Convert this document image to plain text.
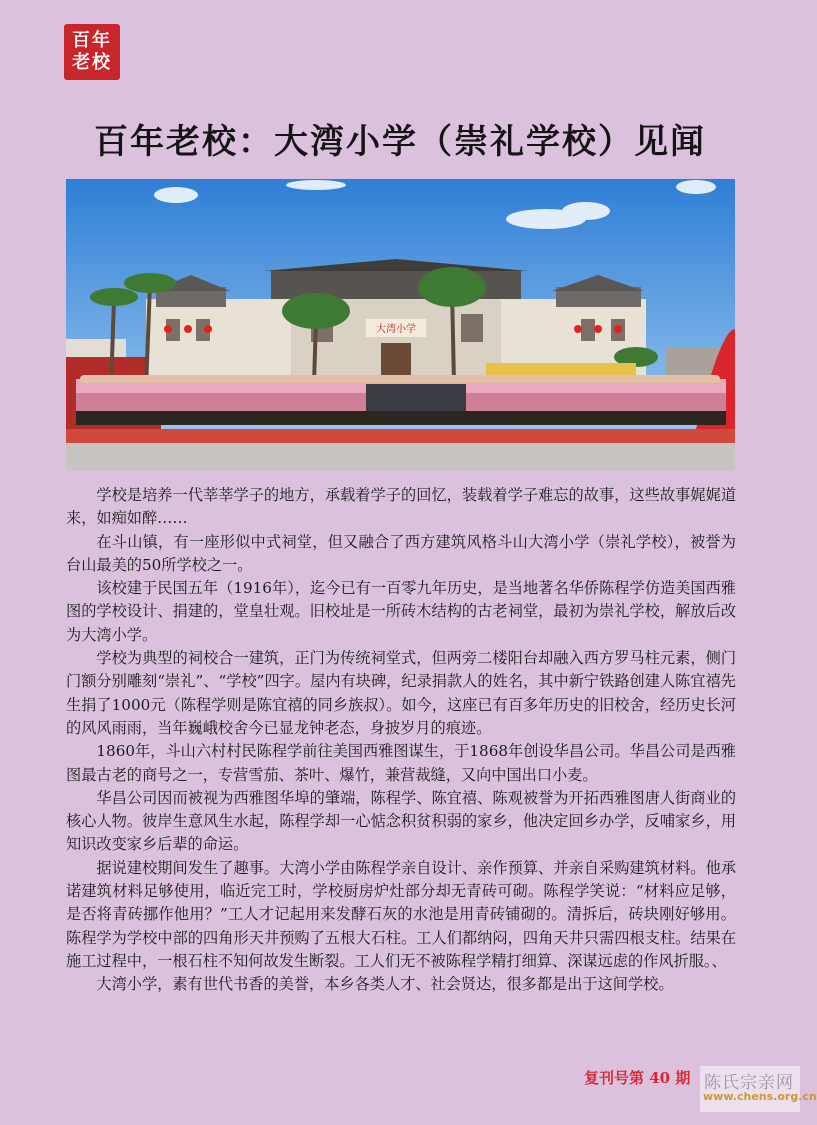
百年
老校
百年老校：大湾小学（崇礼学校）见闻
大湾小学

学校是培养一代莘莘学子的地方，承载着学子的回忆，装载着学子难忘的故事，这些故事娓娓道来，如痴如醉……

在斗山镇，有一座形似中式祠堂，但又融合了西方建筑风格斗山大湾小学（崇礼学校），被誉为台山最美的50所学校之一。

该校建于民国五年（1916年），迄今已有一百零九年历史，是当地著名华侨陈程学仿造美国西雅图的学校设计、捐建的，堂皇壮观。旧校址是一所砖木结构的古老祠堂，最初为崇礼学校，解放后改为大湾小学。

学校为典型的祠校合一建筑，正门为传统祠堂式，但两旁二楼阳台却融入西方罗马柱元素，侧门门额分别雕刻“崇礼”、“学校”四字。屋内有块碑，纪录捐款人的姓名，其中新宁铁路创建人陈宜禧先生捐了1000元（陈程学则是陈宜禧的同乡族叔）。如今，这座已有百多年历史的旧校舍，经历史长河的风风雨雨，当年巍峨校舍今已显龙钟老态，身披岁月的痕迹。

1860年，斗山六村村民陈程学前往美国西雅图谋生，于1868年创设华昌公司。华昌公司是西雅图最古老的商号之一，专营雪茄、茶叶、爆竹，兼营裁缝，又向中国出口小麦。

华昌公司因而被视为西雅图华埠的肇端，陈程学、陈宜禧、陈观被誉为开拓西雅图唐人街商业的核心人物。彼岸生意风生水起，陈程学却一心惦念积贫积弱的家乡，他决定回乡办学，反哺家乡，用知识改变家乡后辈的命运。

据说建校期间发生了趣事。大湾小学由陈程学亲自设计、亲作预算、并亲自采购建筑材料。他承诺建筑材料足够使用，临近完工时，学校厨房炉灶部分却无青砖可砌。陈程学笑说：“材料应足够，是否将青砖挪作他用？”工人才记起用来发酵石灰的水池是用青砖铺砌的。清拆后，砖块刚好够用。陈程学为学校中部的四角形天井预购了五根大石柱。工人们都纳闷，四角天井只需四根支柱。结果在施工过程中，一根石柱不知何故发生断裂。工人们无不被陈程学精打细算、深谋远虑的作风折服。、

大湾小学，素有世代书香的美誉，本乡各类人才、社会贤达，很多都是出于这间学校。

复刊号第 40 期 陈氏宗亲网
www.chens.org.cn
